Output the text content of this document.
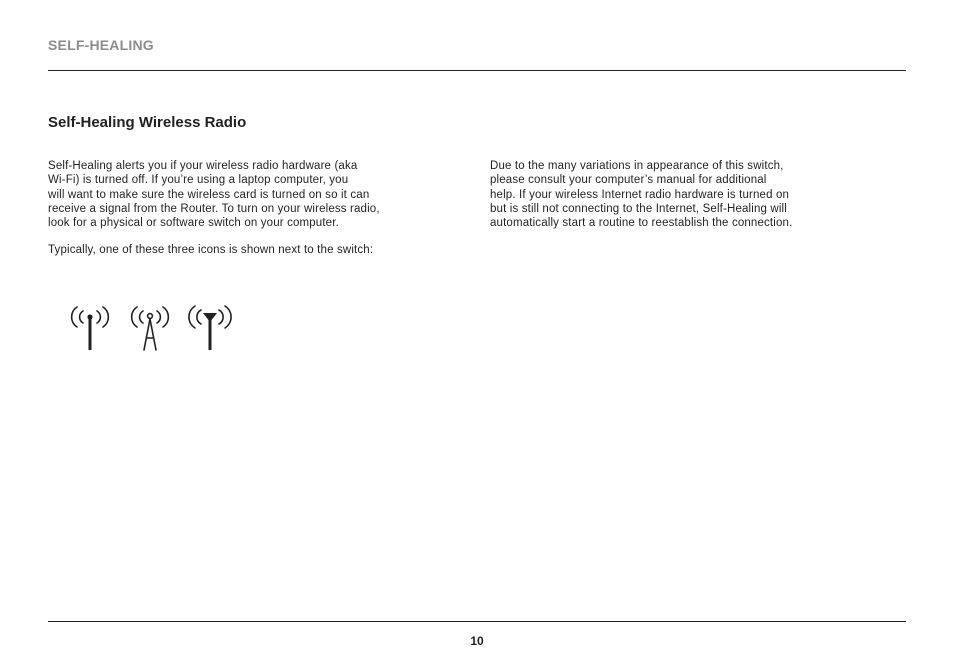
SELF-HEALING
Self-Healing Wireless Radio

Self-Healing alerts you if your wireless radio hardware (aka
Wi-Fi) is turned off. If you’re using a laptop computer, you
will want to make sure the wireless card is turned on so it can
receive a signal from the Router. To turn on your wireless radio,
look for a physical or software switch on your computer.

Typically, one of these three icons is shown next to the switch:

Due to the many variations in appearance of this switch,
please consult your computer’s manual for additional
help. If your wireless Internet radio hardware is turned on
but is still not connecting to the Internet, Self-Healing will
automatically start a routine to reestablish the connection.

10
